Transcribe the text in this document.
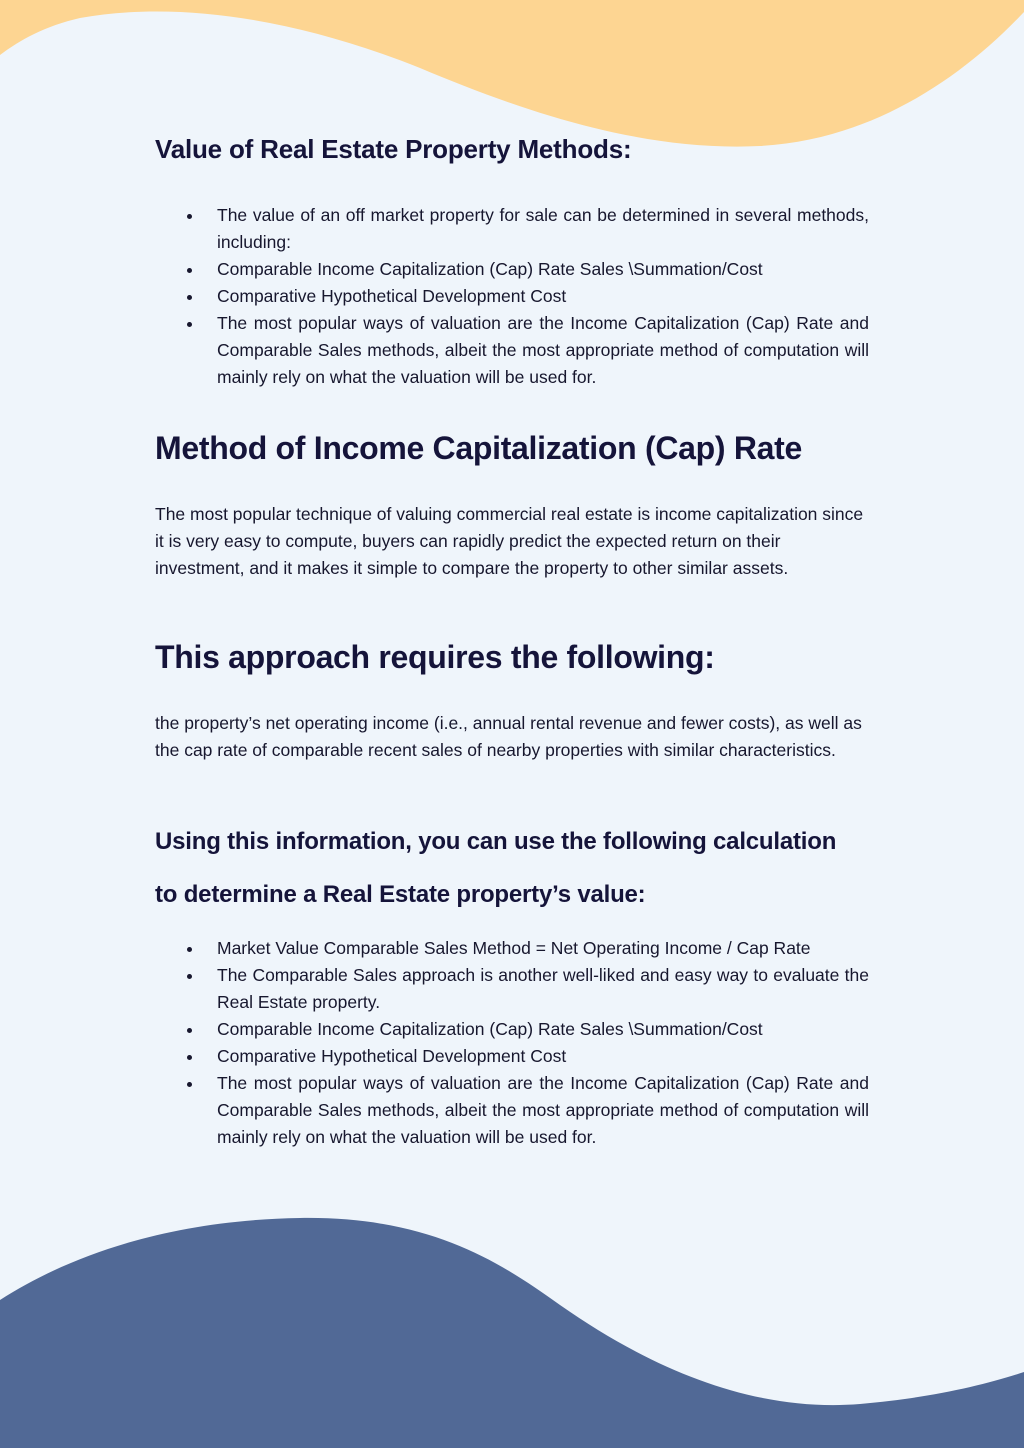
Value of Real Estate Property Methods:
The value of an off market property for sale can be determined in several methods, including:
Comparable Income Capitalization (Cap) Rate Sales \Summation/Cost
Comparative Hypothetical Development Cost
The most popular ways of valuation are the Income Capitalization (Cap) Rate and Comparable Sales methods, albeit the most appropriate method of computation will mainly rely on what the valuation will be used for.
Method of Income Capitalization (Cap) Rate

The most popular technique of valuing commercial real estate is income capitalization since it is very easy to compute, buyers can rapidly predict the expected return on their investment, and it makes it simple to compare the property to other similar assets.

This approach requires the following:

the property’s net operating income (i.e., annual rental revenue and fewer costs), as well as the cap rate of comparable recent sales of nearby properties with similar characteristics.

Using this information, you can use the following calculation
to determine a Real Estate property’s value:
Market Value Comparable Sales Method = Net Operating Income / Cap Rate
The Comparable Sales approach is another well-liked and easy way to evaluate the Real Estate property.
Comparable Income Capitalization (Cap) Rate Sales \Summation/Cost
Comparative Hypothetical Development Cost
The most popular ways of valuation are the Income Capitalization (Cap) Rate and Comparable Sales methods, albeit the most appropriate method of computation will mainly rely on what the valuation will be used for.
